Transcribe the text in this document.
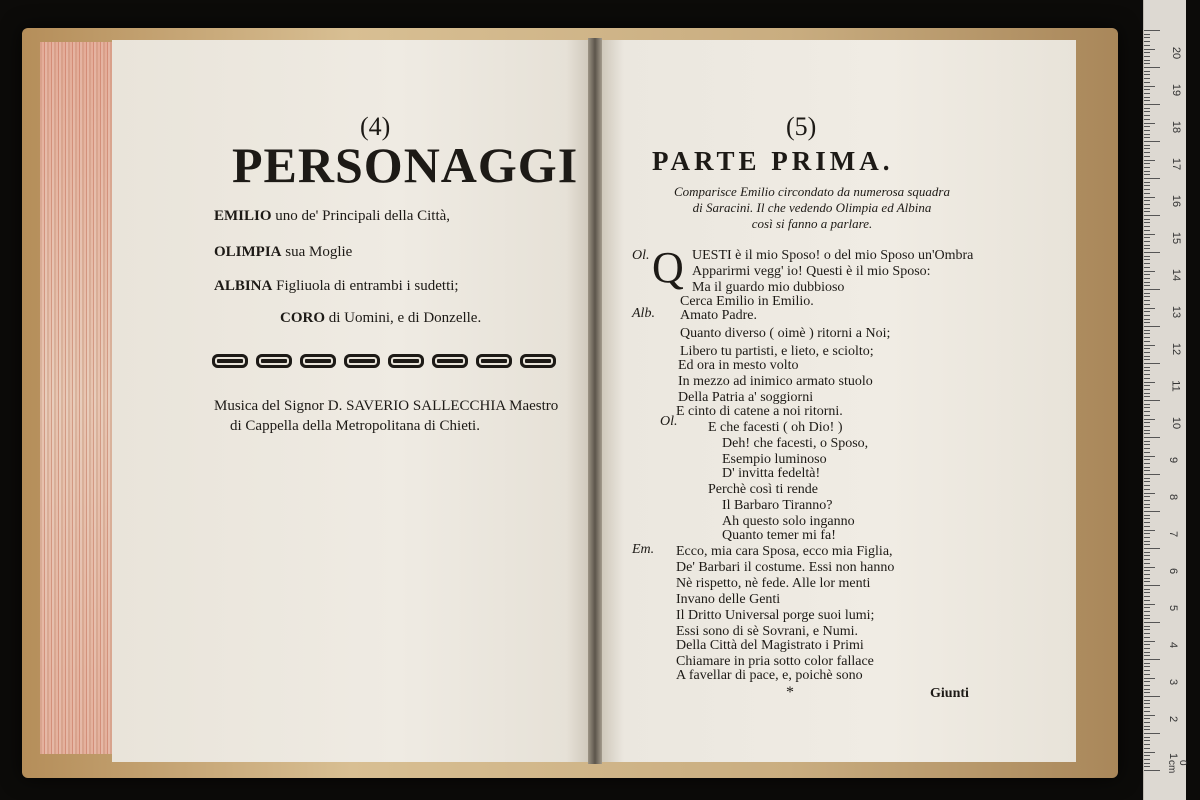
(4)
PERSONAGGI
EMILIO uno de' Principali della Città,
OLIMPIA sua Moglie
ALBINA Figliuola di entrambi i sudetti;
CORO di Uomini, e di Donzelle.
Musica del Signor D. SAVERIO SALLECCHIA Maestro
di Cappella della Metropolitana di Chieti.
(5)
PARTE PRIMA.
Comparisce Emilio circondato da numerosa squadra
di Saracini. Il che vedendo Olimpia ed Albina
così si fanno a parlare.
Ol.
Alb.
Ol.
Em.
Q UESTI è il mio Sposo! o del mio Sposo un'Ombra
Apparirmi vegg' io! Questi è il mio Sposo:
Ma il guardo mio dubbioso
Cerca Emilio in Emilio.
Amato Padre.
Quanto diverso ( oimè ) ritorni a Noi;
Libero tu partisti, e lieto, e sciolto;
Ed ora in mesto volto
In mezzo ad inimico armato stuolo
Della Patria a' soggiorni
E cinto di catene a noi ritorni.
E che facesti ( oh Dio! )
Deh! che facesti, o Sposo,
Esempio luminoso
D' invitta fedeltà!
Perchè così ti rende
Il Barbaro Tiranno?
Ah questo solo inganno
Quanto temer mi fa!
Ecco, mia cara Sposa, ecco mia Figlia,
De' Barbari il costume. Essi non hanno
Nè rispetto, nè fede. Alle lor menti
Invano delle Genti
Il Dritto Universal porge suoi lumi;
Essi sono di sè Sovrani, e Numi.
Della Città del Magistrato i Primi
Chiamare in pria sotto color fallace
A favellar di pace, e, poichè sono
*	Giunti
0 cm
20
19
18
17
16
15
14
13
12
11
10
9
8
7
6
5
4
3
2
1
